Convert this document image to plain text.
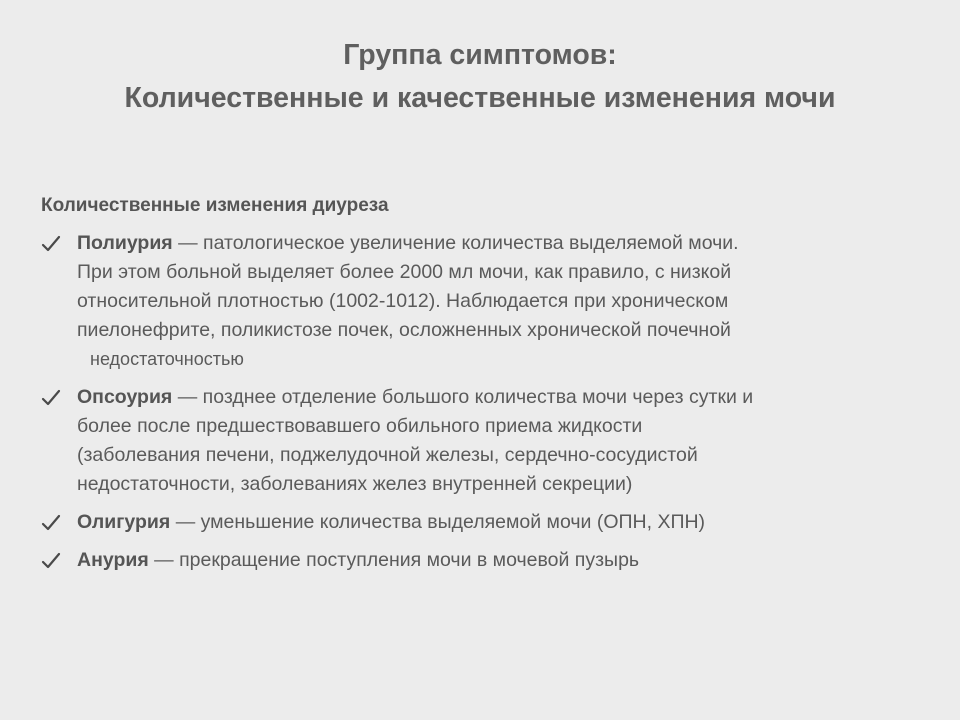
Группа симптомов:
Количественные и качественные изменения мочи
Количественные изменения диуреза
Полиурия — патологическое увеличение количества выделяемой мочи.
При этом больной выделяет более 2000 мл мочи, как правило, с низкой
относительной плотностью (1002-1012). Наблюдается при хроническом
пиелонефрите, поликистозе почек, осложненных хронической почечной
недостаточностью
Опсоурия — позднее отделение большого количества мочи через сутки и
более после предшествовавшего обильного приема жидкости
(заболевания печени, поджелудочной железы, сердечно-сосудистой
недостаточности, заболеваниях желез внутренней секреции)
Олигурия — уменьшение количества выделяемой мочи (ОПН, ХПН)
Анурия — прекращение поступления мочи в мочевой пузырь
